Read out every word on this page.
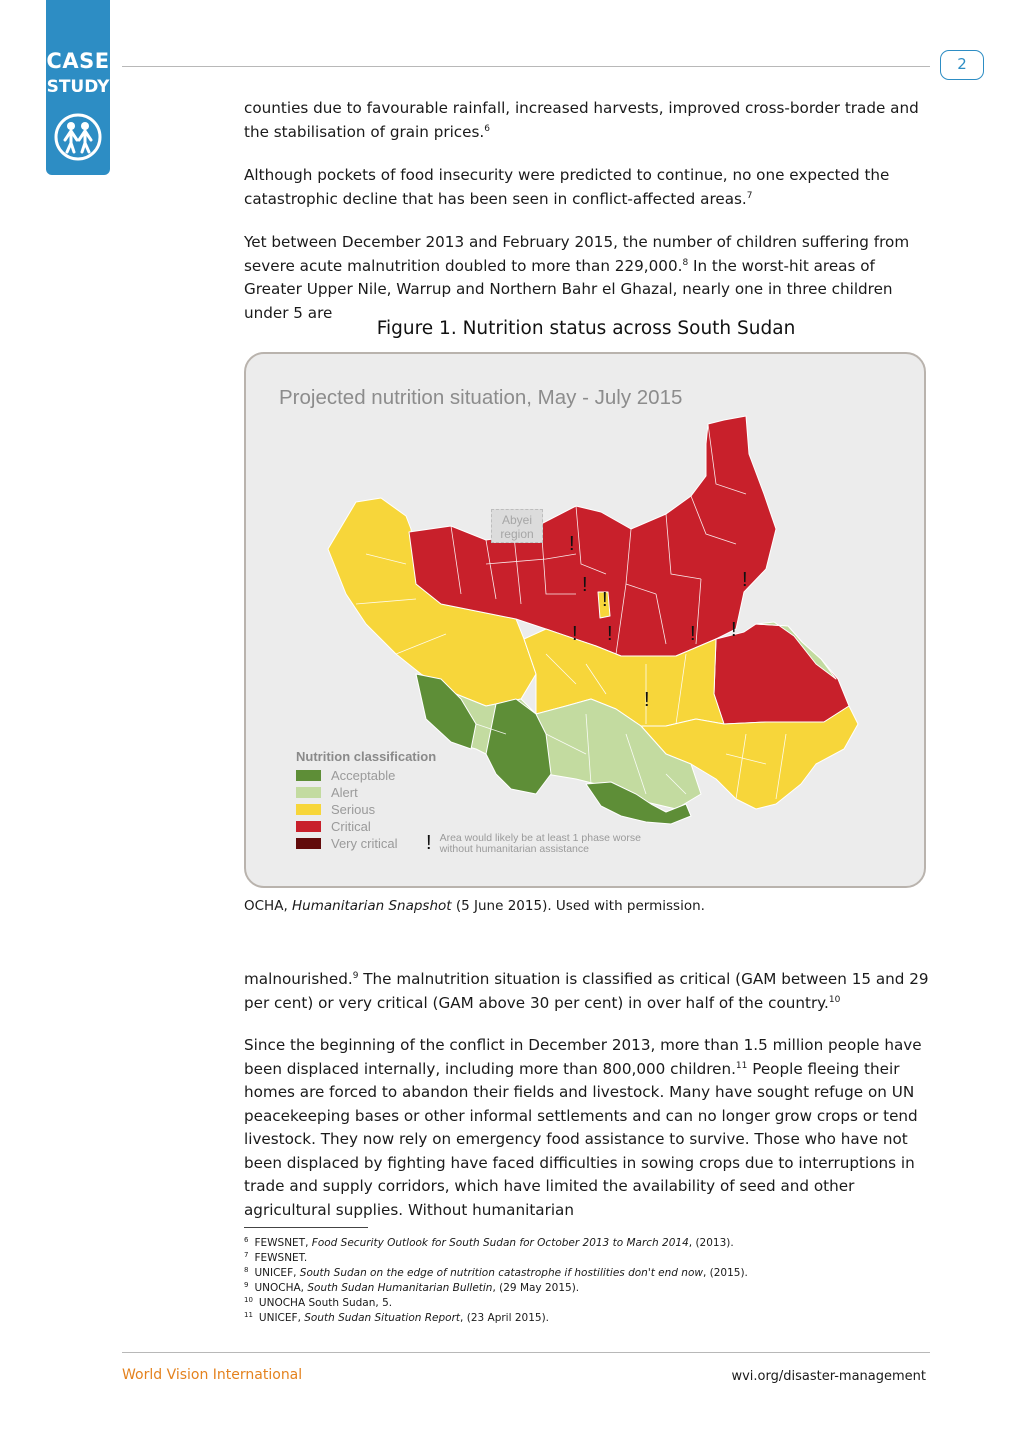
CASE
STUDY
2
counties due to favourable rainfall, increased harvests, improved cross-border trade and the stabilisation of grain prices.$^6$
Although pockets of food insecurity were predicted to continue, no one expected the catastrophic decline that has been seen in conflict-affected areas.$^7$
Yet between December 2013 and February 2015, the number of children suffering from severe acute malnutrition doubled to more than 229,000.$^8$ In the worst-hit areas of Greater Upper Nile, Warrup and Northern Bahr el Ghazal, nearly one in three children under 5 are
Figure 1. Nutrition status across South Sudan
!
!
!
! !	! !
!
!
Projected nutrition situation, May - July 2015
Abyei region
Nutrition classification
Acceptable
Alert
Serious
Critical
Very critical ! Area would likely be at least 1 phase worse without humanitarian assistance
OCHA, Humanitarian Snapshot (5 June 2015). Used with permission.
malnourished.$^9$ The malnutrition situation is classified as critical (GAM between 15 and 29 per cent) or very critical (GAM above 30 per cent) in over half of the country.$^{10}$
Since the beginning of the conflict in December 2013, more than 1.5 million people have been displaced internally, including more than 800,000 children.$^{11}$ People fleeing their homes are forced to abandon their fields and livestock. Many have sought refuge on UN peacekeeping bases or other informal settlements and can no longer grow crops or tend livestock. They now rely on emergency food assistance to survive. Those who have not been displaced by fighting have faced difficulties in sowing crops due to interruptions in trade and supply corridors, which have limited the availability of seed and other agricultural supplies. Without humanitarian
$^6$ FEWSNET, Food Security Outlook for South Sudan for October 2013 to March 2014, (2013).
$^7$ FEWSNET.
$^8$ UNICEF, South Sudan on the edge of nutrition catastrophe if hostilities don't end now, (2015).
$^9$ UNOCHA, South Sudan Humanitarian Bulletin, (29 May 2015).
$^{10}$ UNOCHA South Sudan, 5.
$^{11}$ UNICEF, South Sudan Situation Report, (23 April 2015).
World Vision International	wvi.org/disaster-management
